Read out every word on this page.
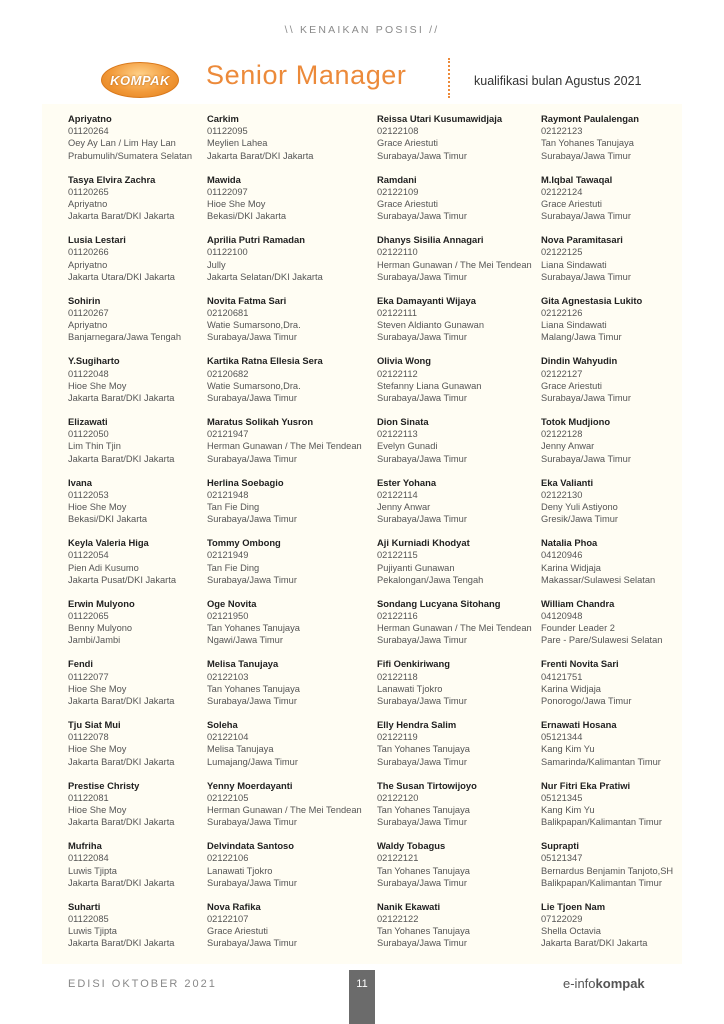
\\ KENAIKAN POSISI //
KOMPAK Senior Manager	kualifikasi bulan Agustus 2021
Apriyatno
01120264
Oey Ay Lan / Lim Hay Lan
Prabumulih/Sumatera Selatan
Tasya Elvira Zachra
01120265
Apriyatno
Jakarta Barat/DKI Jakarta
Lusia Lestari
01120266
Apriyatno
Jakarta Utara/DKI Jakarta
Sohirin
01120267
Apriyatno
Banjarnegara/Jawa Tengah
Y.Sugiharto
01122048
Hioe She Moy
Jakarta Barat/DKI Jakarta
Elizawati
01122050
Lim Thin Tjin
Jakarta Barat/DKI Jakarta
Ivana
01122053
Hioe She Moy
Bekasi/DKI Jakarta
Keyla Valeria Higa
01122054
Pien Adi Kusumo
Jakarta Pusat/DKI Jakarta
Erwin Mulyono
01122065
Benny Mulyono
Jambi/Jambi
Fendi
01122077
Hioe She Moy
Jakarta Barat/DKI Jakarta
Tju Siat Mui
01122078
Hioe She Moy
Jakarta Barat/DKI Jakarta
Prestise Christy
01122081
Hioe She Moy
Jakarta Barat/DKI Jakarta
Mufriha
01122084
Luwis Tjipta
Jakarta Barat/DKI Jakarta
Suharti
01122085
Luwis Tjipta
Jakarta Barat/DKI Jakarta
Carkim
01122095
Meylien Lahea
Jakarta Barat/DKI Jakarta
Mawida
01122097
Hioe She Moy
Bekasi/DKI Jakarta
Aprilia Putri Ramadan
01122100
Jully
Jakarta Selatan/DKI Jakarta
Novita Fatma Sari
02120681
Watie Sumarsono,Dra.
Surabaya/Jawa Timur
Kartika Ratna Ellesia Sera
02120682
Watie Sumarsono,Dra.
Surabaya/Jawa Timur
Maratus Solikah Yusron
02121947
Herman Gunawan / The Mei Tendean
Surabaya/Jawa Timur
Herlina Soebagio
02121948
Tan Fie Ding
Surabaya/Jawa Timur
Tommy Ombong
02121949
Tan Fie Ding
Surabaya/Jawa Timur
Oge Novita
02121950
Tan Yohanes Tanujaya
Ngawi/Jawa Timur
Melisa Tanujaya
02122103
Tan Yohanes Tanujaya
Surabaya/Jawa Timur
Soleha
02122104
Melisa Tanujaya
Lumajang/Jawa Timur
Yenny Moerdayanti
02122105
Herman Gunawan / The Mei Tendean
Surabaya/Jawa Timur
Delvindata Santoso
02122106
Lanawati Tjokro
Surabaya/Jawa Timur
Nova Rafika
02122107
Grace Ariestuti
Surabaya/Jawa Timur
Reissa Utari Kusumawidjaja
02122108
Grace Ariestuti
Surabaya/Jawa Timur
Ramdani
02122109
Grace Ariestuti
Surabaya/Jawa Timur
Dhanys Sisilia Annagari
02122110
Herman Gunawan / The Mei Tendean
Surabaya/Jawa Timur
Eka Damayanti Wijaya
02122111
Steven Aldianto Gunawan
Surabaya/Jawa Timur
Olivia Wong
02122112
Stefanny Liana Gunawan
Surabaya/Jawa Timur
Dion Sinata
02122113
Evelyn Gunadi
Surabaya/Jawa Timur
Ester Yohana
02122114
Jenny Anwar
Surabaya/Jawa Timur
Aji Kurniadi Khodyat
02122115
Pujiyanti Gunawan
Pekalongan/Jawa Tengah
Sondang Lucyana Sitohang
02122116
Herman Gunawan / The Mei Tendean
Surabaya/Jawa Timur
Fifi Oenkiriwang
02122118
Lanawati Tjokro
Surabaya/Jawa Timur
Elly Hendra Salim
02122119
Tan Yohanes Tanujaya
Surabaya/Jawa Timur
The Susan Tirtowijoyo
02122120
Tan Yohanes Tanujaya
Surabaya/Jawa Timur
Waldy Tobagus
02122121
Tan Yohanes Tanujaya
Surabaya/Jawa Timur
Nanik Ekawati
02122122
Tan Yohanes Tanujaya
Surabaya/Jawa Timur
Raymont Paulalengan
02122123
Tan Yohanes Tanujaya
Surabaya/Jawa Timur
M.Iqbal Tawaqal
02122124
Grace Ariestuti
Surabaya/Jawa Timur
Nova Paramitasari
02122125
Liana Sindawati
Surabaya/Jawa Timur
Gita Agnestasia Lukito
02122126
Liana Sindawati
Malang/Jawa Timur
Dindin Wahyudin
02122127
Grace Ariestuti
Surabaya/Jawa Timur
Totok Mudjiono
02122128
Jenny Anwar
Surabaya/Jawa Timur
Eka Valianti
02122130
Deny Yuli Astiyono
Gresik/Jawa Timur
Natalia Phoa
04120946
Karina Widjaja
Makassar/Sulawesi Selatan
William Chandra
04120948
Founder Leader 2
Pare - Pare/Sulawesi Selatan
Frenti Novita Sari
04121751
Karina Widjaja
Ponorogo/Jawa Timur
Ernawati Hosana
05121344
Kang Kim Yu
Samarinda/Kalimantan Timur
Nur Fitri Eka Pratiwi
05121345
Kang Kim Yu
Balikpapan/Kalimantan Timur
Suprapti
05121347
Bernardus Benjamin Tanjoto,SH
Balikpapan/Kalimantan Timur
Lie Tjoen Nam
07122029
Shella Octavia
Jakarta Barat/DKI Jakarta
EDISI OKTOBER 2021	11	e-infokompak
